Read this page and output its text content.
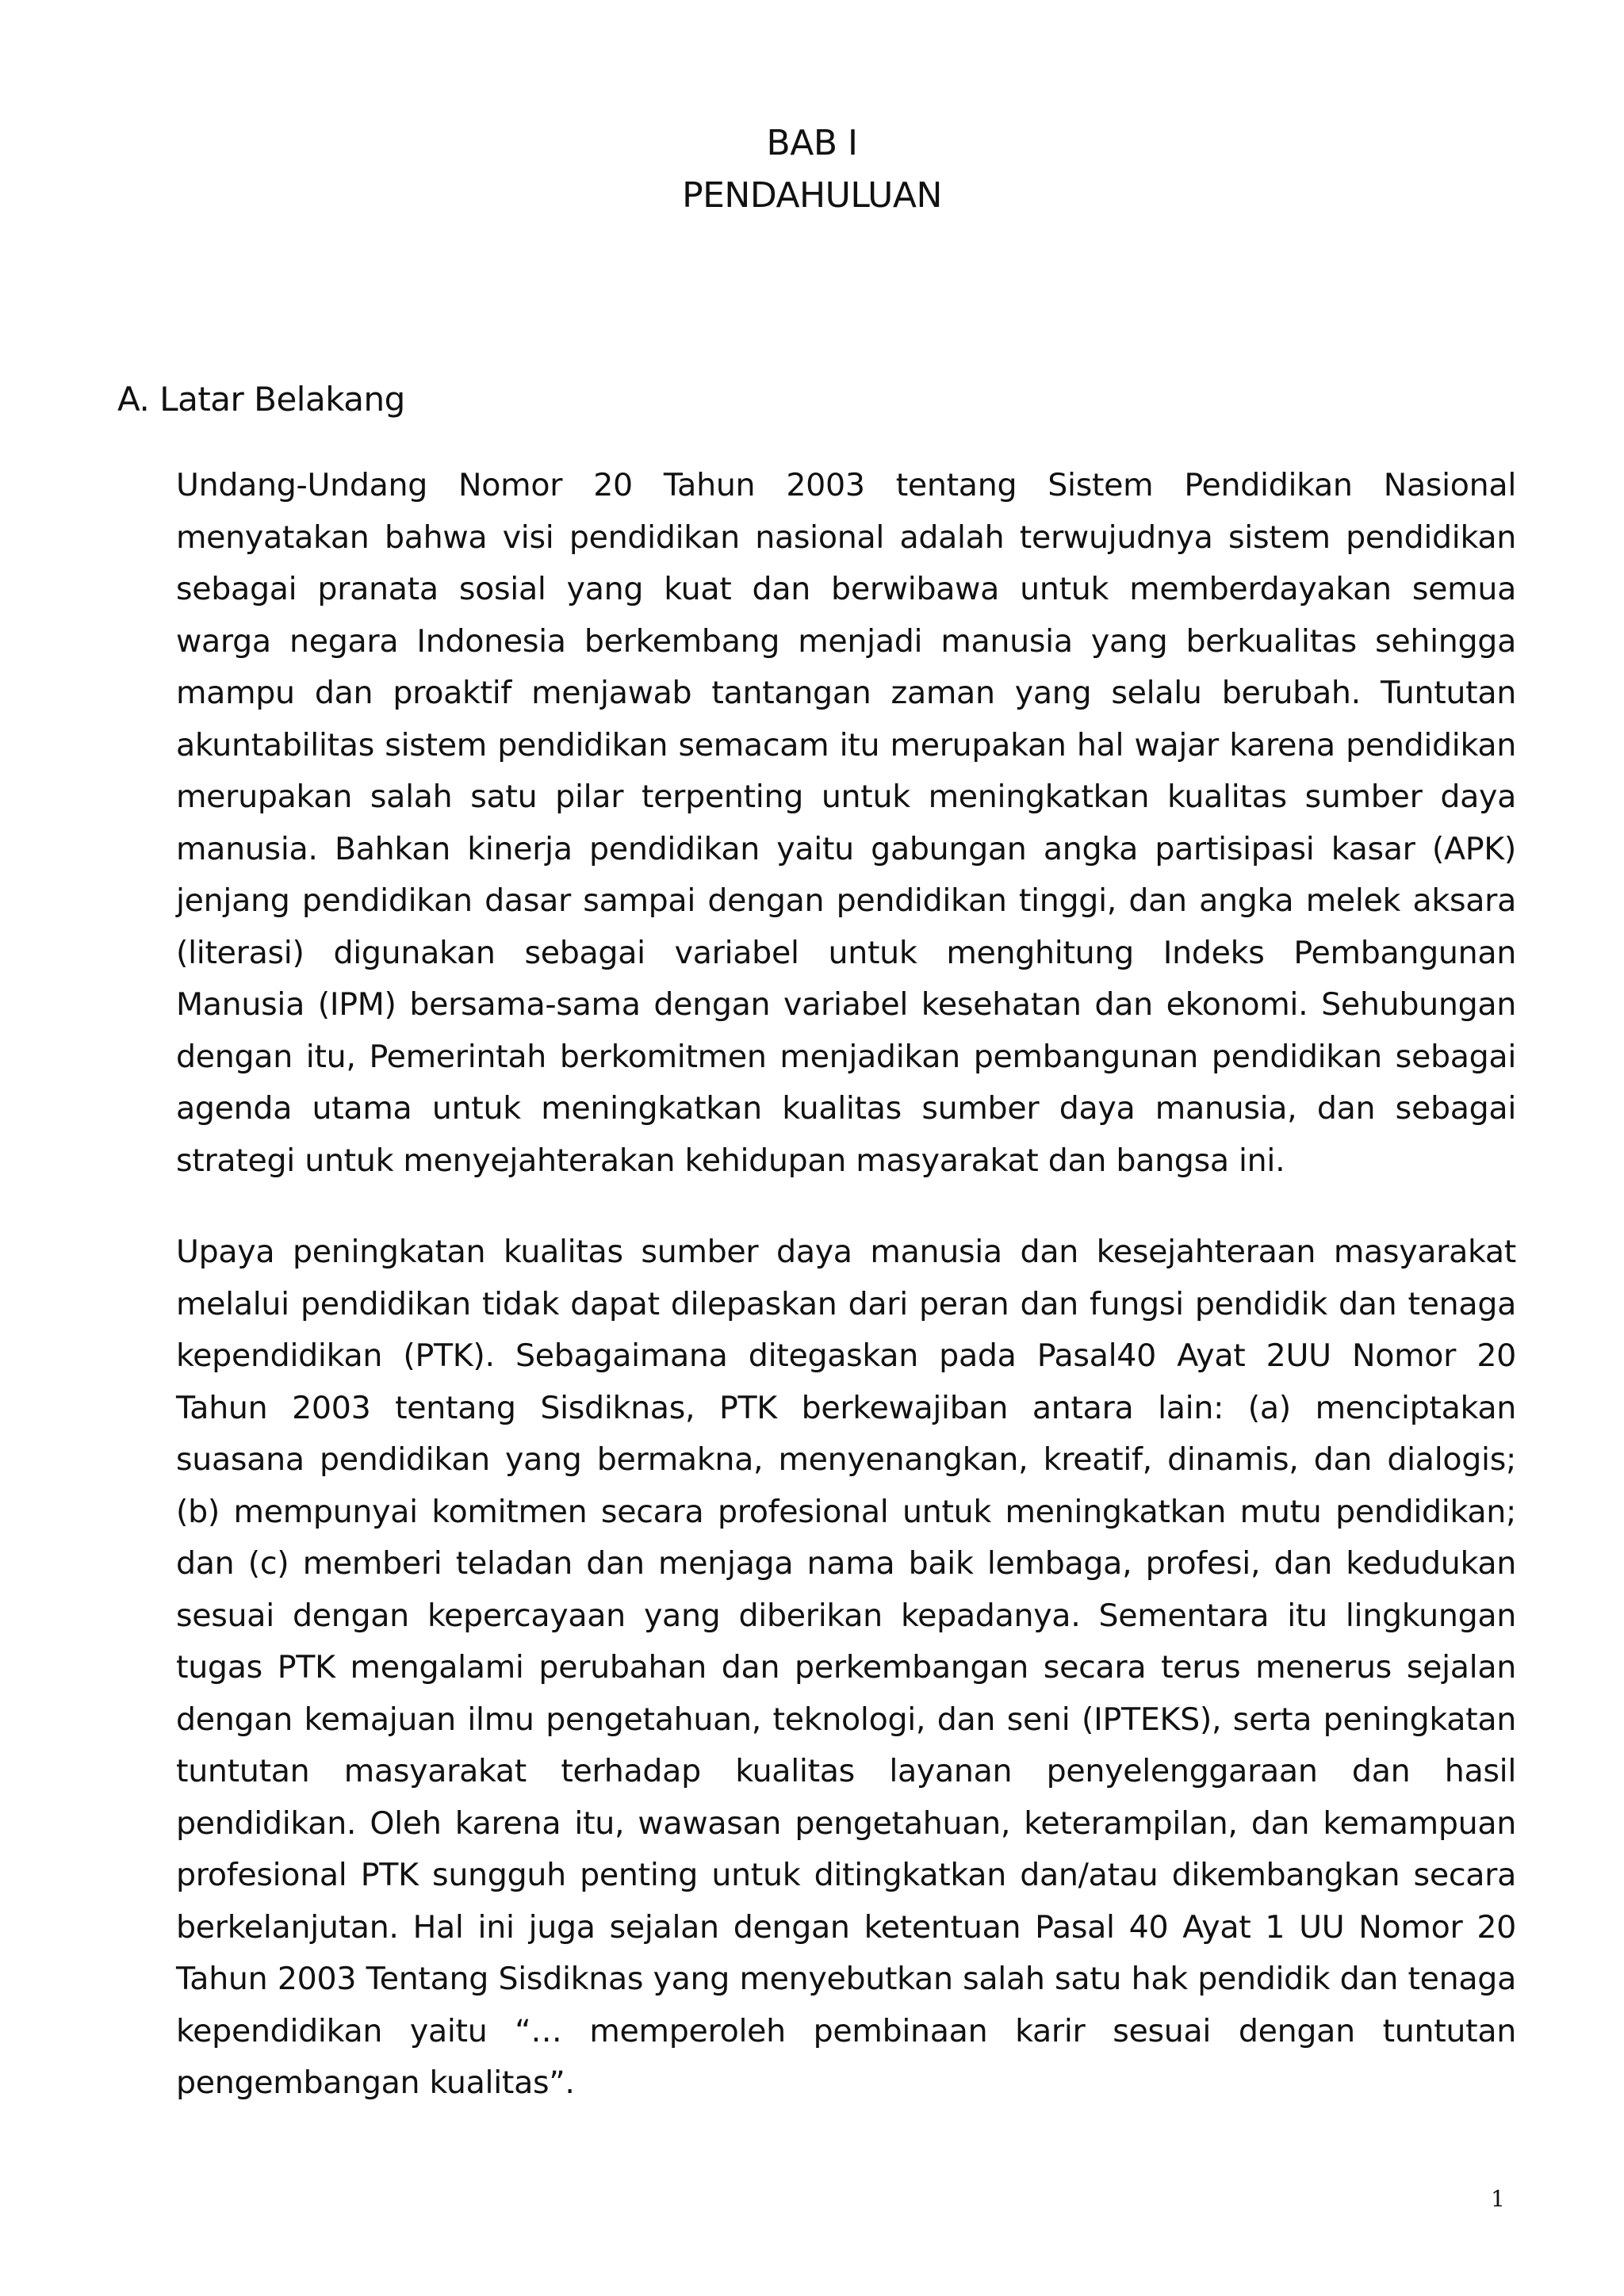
BAB I
PENDAHULUAN
A. Latar Belakang

Undang-Undang Nomor 20 Tahun 2003 tentang Sistem Pendidikan Nasional menyatakan bahwa visi pendidikan nasional adalah terwujudnya sistem pendidikan sebagai pranata sosial yang kuat dan berwibawa untuk memberdayakan semua warga negara Indonesia berkembang menjadi manusia yang berkualitas sehingga mampu dan proaktif menjawab tantangan zaman yang selalu berubah. Tuntutan akuntabilitas sistem pendidikan semacam itu merupakan hal wajar karena pendidikan merupakan salah satu pilar terpenting untuk meningkatkan kualitas sumber daya manusia. Bahkan kinerja pendidikan yaitu gabungan angka partisipasi kasar (APK) jenjang pendidikan dasar sampai dengan pendidikan tinggi, dan angka melek aksara (literasi) digunakan sebagai variabel untuk menghitung Indeks Pembangunan Manusia (IPM) bersama-sama dengan variabel kesehatan dan ekonomi. Sehubungan dengan itu, Pemerintah berkomitmen menjadikan pembangunan pendidikan sebagai agenda utama untuk meningkatkan kualitas sumber daya manusia, dan sebagai strategi untuk menyejahterakan kehidupan masyarakat dan bangsa ini.

Upaya peningkatan kualitas sumber daya manusia dan kesejahteraan masyarakat melalui pendidikan tidak dapat dilepaskan dari peran dan fungsi pendidik dan tenaga kependidikan (PTK). Sebagaimana ditegaskan pada Pasal40 Ayat 2UU Nomor 20 Tahun 2003 tentang Sisdiknas, PTK berkewajiban antara lain: (a) menciptakan suasana pendidikan yang bermakna, menyenangkan, kreatif, dinamis, dan dialogis; (b) mempunyai komitmen secara profesional untuk meningkatkan mutu pendidikan; dan (c) memberi teladan dan menjaga nama baik lembaga, profesi, dan kedudukan sesuai dengan kepercayaan yang diberikan kepadanya. Sementara itu lingkungan tugas PTK mengalami perubahan dan perkembangan secara terus menerus sejalan dengan kemajuan ilmu pengetahuan, teknologi, dan seni (IPTEKS), serta peningkatan tuntutan masyarakat terhadap kualitas layanan penyelenggaraan dan hasil pendidikan. Oleh karena itu, wawasan pengetahuan, keterampilan, dan kemampuan profesional PTK sungguh penting untuk ditingkatkan dan/atau dikembangkan secara berkelanjutan. Hal ini juga sejalan dengan ketentuan Pasal 40 Ayat 1 UU Nomor 20 Tahun 2003 Tentang Sisdiknas yang menyebutkan salah satu hak pendidik dan tenaga kependidikan yaitu “… memperoleh pembinaan karir sesuai dengan tuntutan pengembangan kualitas”.

1
